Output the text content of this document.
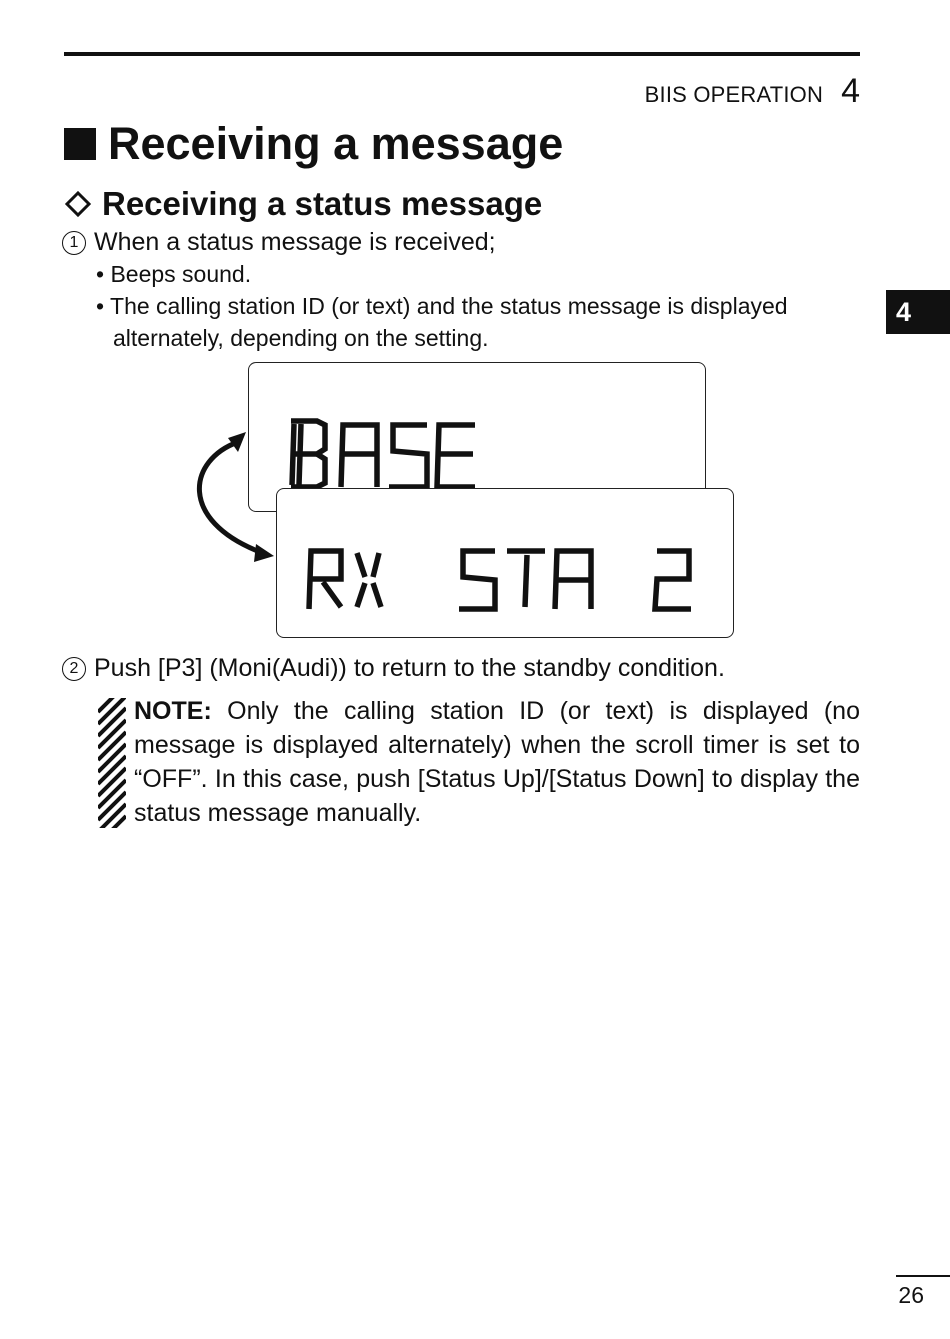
BIIS OPERATION 4
Receiving a message
Receiving a status message
1 When a status message is received;
• Beeps sound.
• The calling station ID (or text) and the status message is displayed alternately, depending on the setting.
2 Push [P3] (Moni(Audi)) to return to the standby condition.

NOTE: Only the calling station ID (or text) is displayed (no message is displayed alternately) when the scroll timer is set to “OFF”. In this case, push [Status Up]/[Status Down] to display the status message manually.

4
26
